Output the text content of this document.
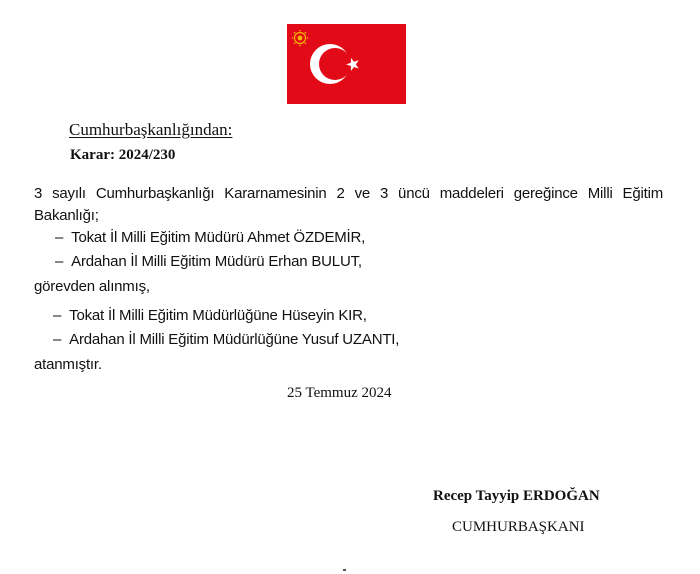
Cumhurbaşkanlığından:
Karar: 2024/230
3 sayılı Cumhurbaşkanlığı Kararnamesinin 2 ve 3 üncü maddeleri gereğince Milli Eğitim Bakanlığı;
– Tokat İl Milli Eğitim Müdürü Ahmet ÖZDEMİR,
– Ardahan İl Milli Eğitim Müdürü Erhan BULUT,
görevden alınmış,
– Tokat İl Milli Eğitim Müdürlüğüne Hüseyin KIR,
– Ardahan İl Milli Eğitim Müdürlüğüne Yusuf UZANTI,
atanmıştır.
25 Temmuz 2024
Recep Tayyip ERDOĞAN
CUMHURBAŞKANI
